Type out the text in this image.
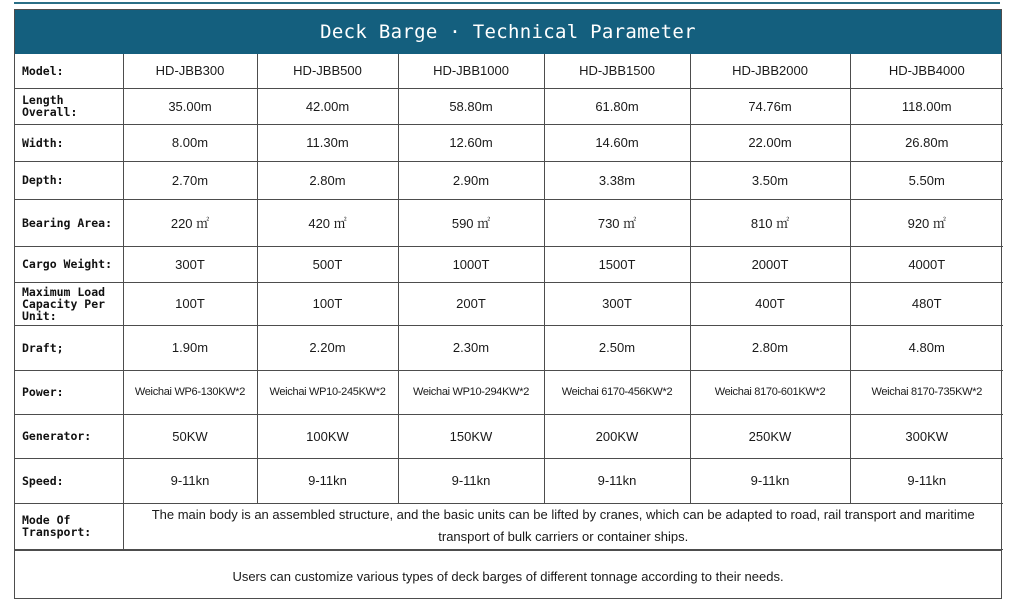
Deck Barge · Technical Parameter
Model:	HD-JBB300	HD-JBB500	HD-JBB1000	HD-JBB1500	HD-JBB2000	HD-JBB4000
Length Overall:	35.00m	42.00m	58.80m	61.80m	74.76m	118.00m
Width:	8.00m	11.30m	12.60m	14.60m	22.00m	26.80m
Depth:	2.70m	2.80m	2.90m	3.38m	3.50m	5.50m
Bearing Area:	220 ㎡	420 ㎡	590 ㎡	730 ㎡	810 ㎡	920 ㎡
Cargo Weight:	300T	500T	1000T	1500T	2000T	4000T
Maximum Load Capacity Per Unit:	100T	100T	200T	300T	400T	480T
Draft;	1.90m	2.20m	2.30m	2.50m	2.80m	4.80m
Power:	Weichai WP6-130KW*2	Weichai WP10-245KW*2	Weichai WP10-294KW*2	Weichai 6170-456KW*2	Weichai 8170-601KW*2	Weichai 8170-735KW*2
Generator:	50KW	100KW	150KW	200KW	250KW	300KW
Speed:	9-11kn	9-11kn	9-11kn	9-11kn	9-11kn	9-11kn
Mode Of Transport:	The main body is an assembled structure, and the basic units can be lifted by cranes, which can be adapted to road, rail transport and maritime transport of bulk carriers or container ships.					
Users can customize various types of deck barges of different tonnage according to their needs.
